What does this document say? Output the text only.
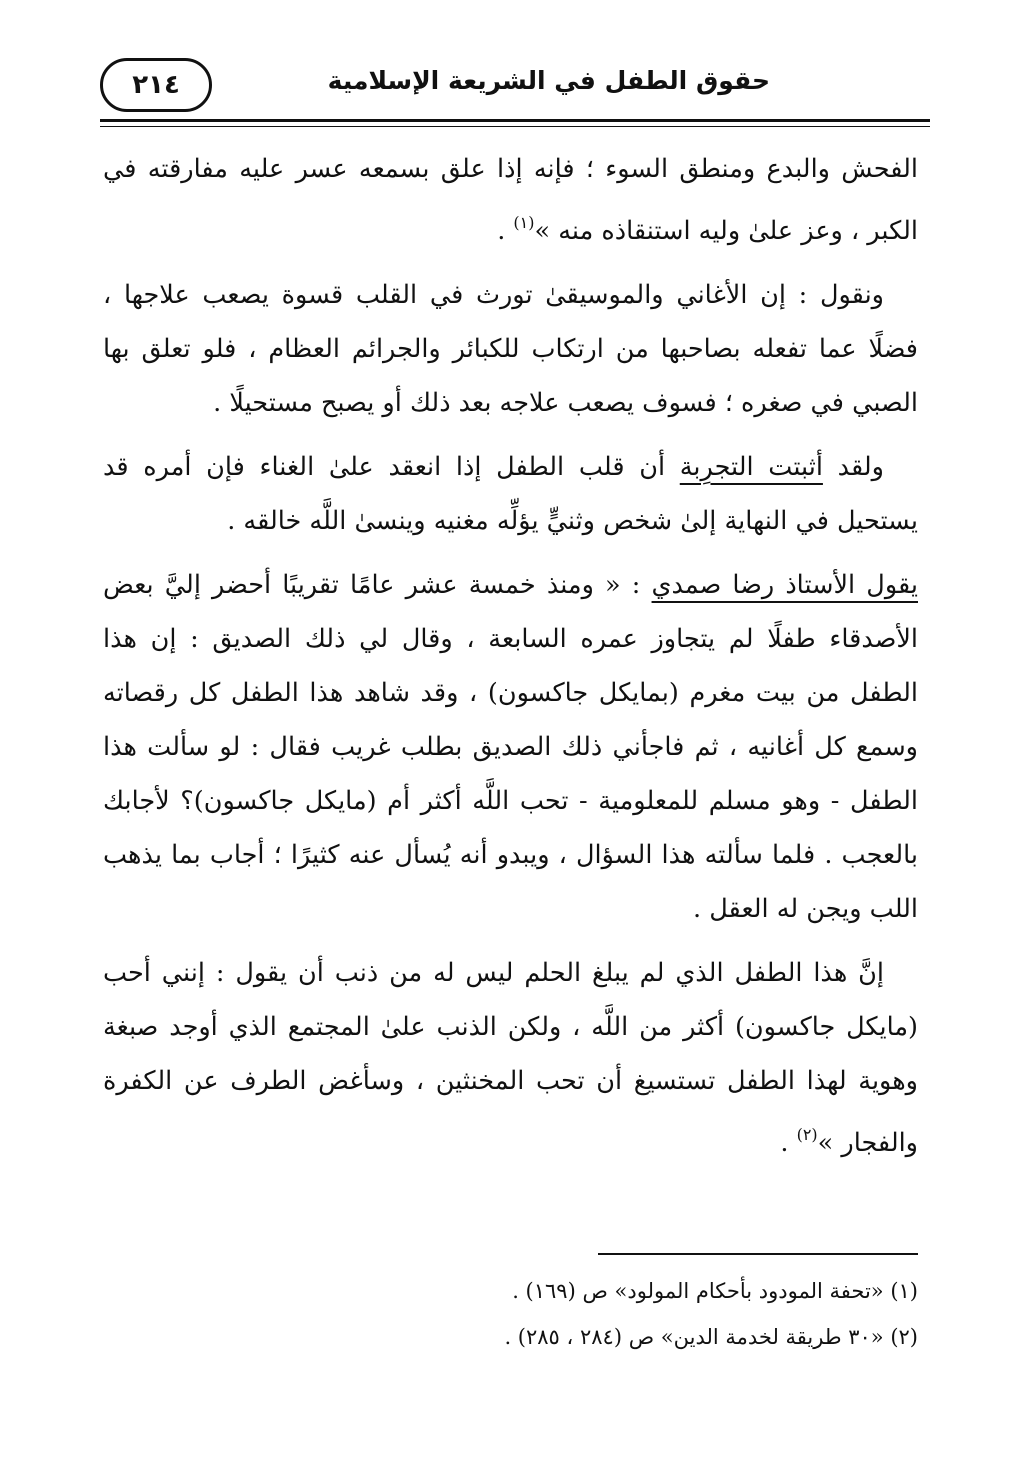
حقوق الطفل في الشريعة الإسلامية
٢١٤

الفحش والبدع ومنطق السوء ؛ فإنه إذا علق بسمعه عسر عليه مفارقته في الكبر ، وعز علىٰ وليه استنقاذه منه »$^{(١)}$ .

ونقول : إن الأغاني والموسيقىٰ تورث في القلب قسوة يصعب علاجها ، فضلًا عما تفعله بصاحبها من ارتكاب للكبائر والجرائم العظام ، فلو تعلق بها الصبي في صغره ؛ فسوف يصعب علاجه بعد ذلك أو يصبح مستحيلًا .

ولقد أثبتت التجرِبة أن قلب الطفل إذا انعقد علىٰ الغناء فإن أمره قد يستحيل في النهاية إلىٰ شخص وثنيٍّ يؤلِّه مغنيه وينسىٰ اللَّه خالقه .

يقول الأستاذ رضا صمدي : « ومنذ خمسة عشر عامًا تقريبًا أحضر إليَّ بعض الأصدقاء طفلًا لم يتجاوز عمره السابعة ، وقال لي ذلك الصديق : إن هذا الطفل من بيت مغرم (بمايكل جاكسون) ، وقد شاهد هذا الطفل كل رقصاته وسمع كل أغانيه ، ثم فاجأني ذلك الصديق بطلب غريب فقال : لو سألت هذا الطفل - وهو مسلم للمعلومية - تحب اللَّه أكثر أم (مايكل جاكسون)؟ لأجابك بالعجب . فلما سألته هذا السؤال ، ويبدو أنه يُسأل عنه كثيرًا ؛ أجاب بما يذهب اللب ويجن له العقل .

إنَّ هذا الطفل الذي لم يبلغ الحلم ليس له من ذنب أن يقول : إنني أحب (مايكل جاكسون) أكثر من اللَّه ، ولكن الذنب علىٰ المجتمع الذي أوجد صبغة وهوية لهذا الطفل تستسيغ أن تحب المخنثين ، وسأغض الطرف عن الكفرة والفجار »$^{(٢)}$ .

(١) «تحفة المودود بأحكام المولود» ص (١٦٩) .

(٢) «٣٠ طريقة لخدمة الدين» ص (٢٨٤ ، ٢٨٥) .
